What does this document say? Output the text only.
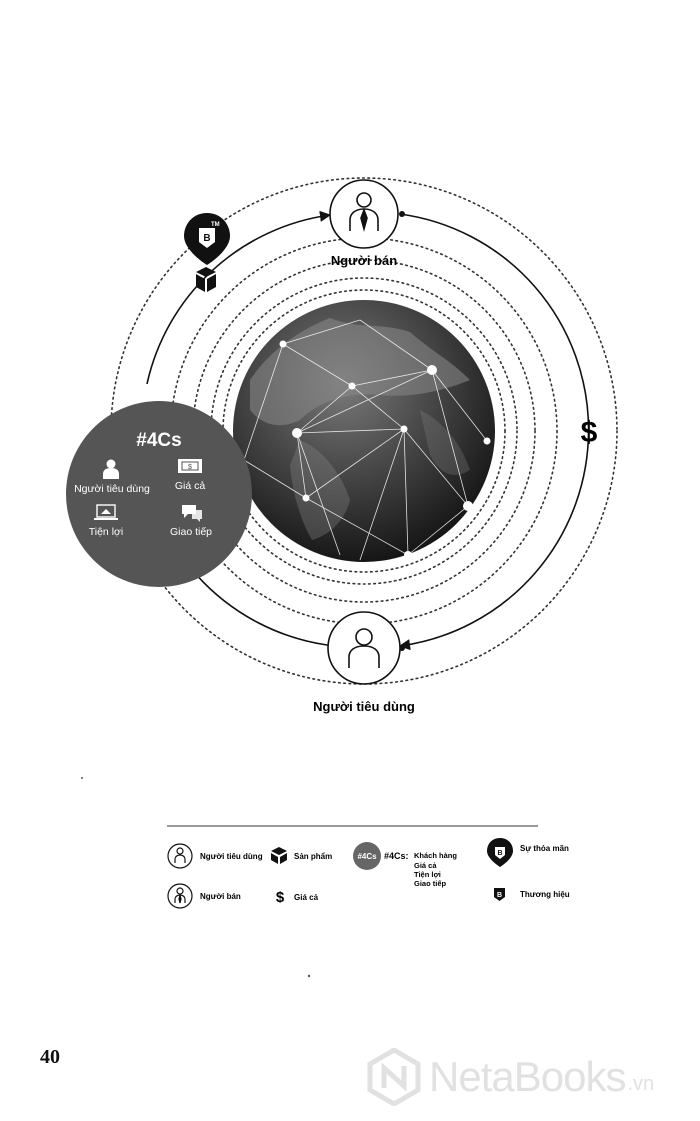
Người bán
Người tiêu dùng
$
B
TM
#4Cs
Người tiêu dùng
$
Giá cả
Tiện lợi	Giao tiếp
Người tiêu dùng
Người bán
Sản phẩm
$ Giá cả
#4Cs #4Cs: Khách hàng
Giá cả
Tiện lợi
Giao tiếp
B
Sự thỏa mãn
B Thương hiệu
40	NetaBooks .vn
